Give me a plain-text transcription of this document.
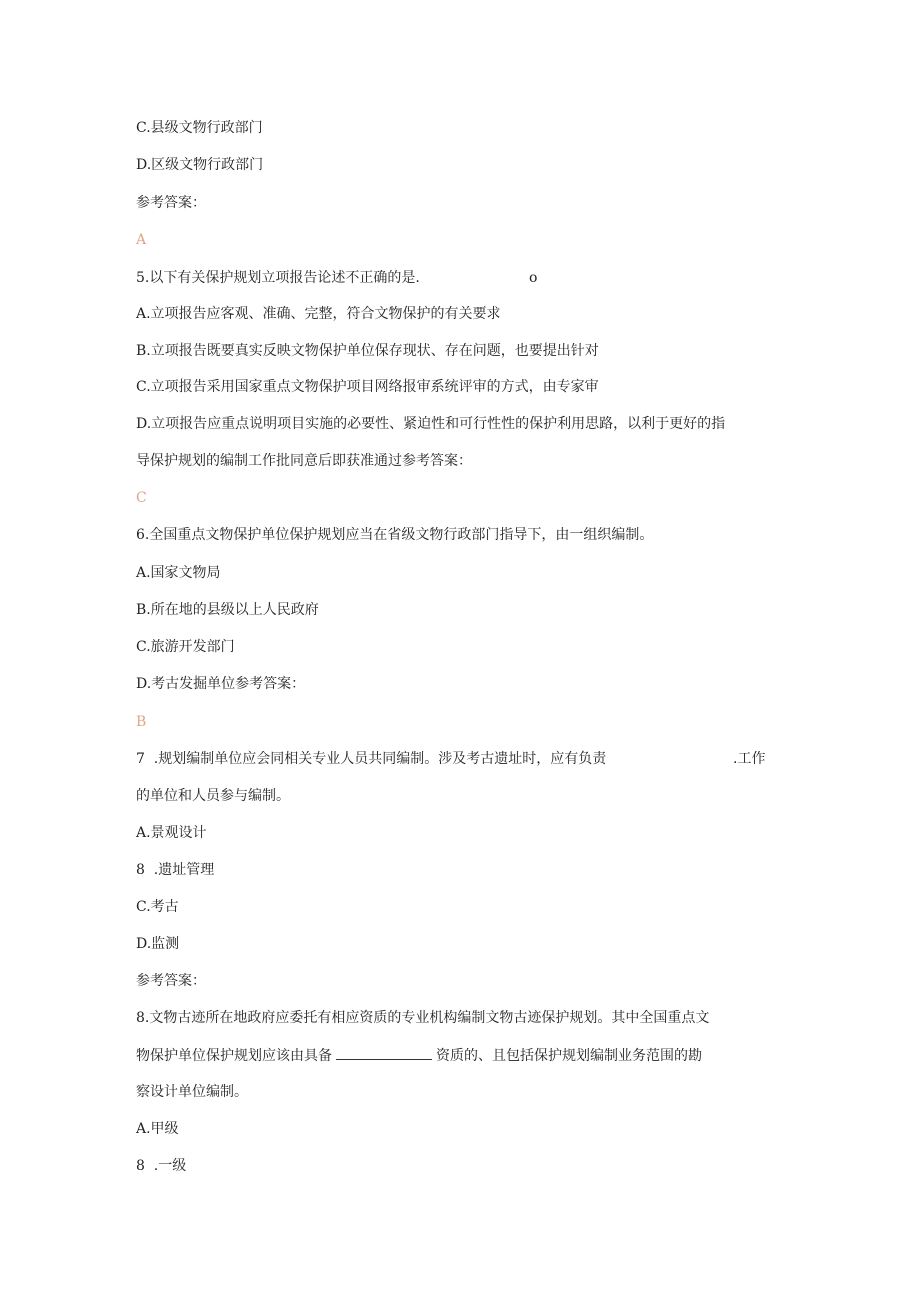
C.县级文物行政部门
D.区级文物行政部门
参考答案：
A
5.以下有关保护规划立项报告论述不正确的是.	o
A.立项报告应客观、准确、完整，符合文物保护的有关要求
B.立项报告既要真实反映文物保护单位保存现状、存在问题，也要提出针对
C.立项报告采用国家重点文物保护项目网络报审系统评审的方式，由专家审
D.立项报告应重点说明项目实施的必要性、紧迫性和可行性性的保护利用思路，以利于更好的指
导保护规划的编制工作批同意后即获准通过参考答案：
C
6.全国重点文物保护单位保护规划应当在省级文物行政部门指导下，由一组织编制。
A.国家文物局
B.所在地的县级以上人民政府
C.旅游开发部门
D.考古发掘单位参考答案：
B
7  .规划编制单位应会同相关专业人员共同编制。涉及考古遗址时，应有负责	.工作
的单位和人员参与编制。
A.景观设计
8  .遗址管理
C.考古
D.监测
参考答案：
8.文物古迹所在地政府应委托有相应资质的专业机构编制文物古迹保护规划。其中全国重点文
物保护单位保护规划应该由具备	资质的、且包括保护规划编制业务范围的勘
察设计单位编制。
A.甲级
8  .一级
